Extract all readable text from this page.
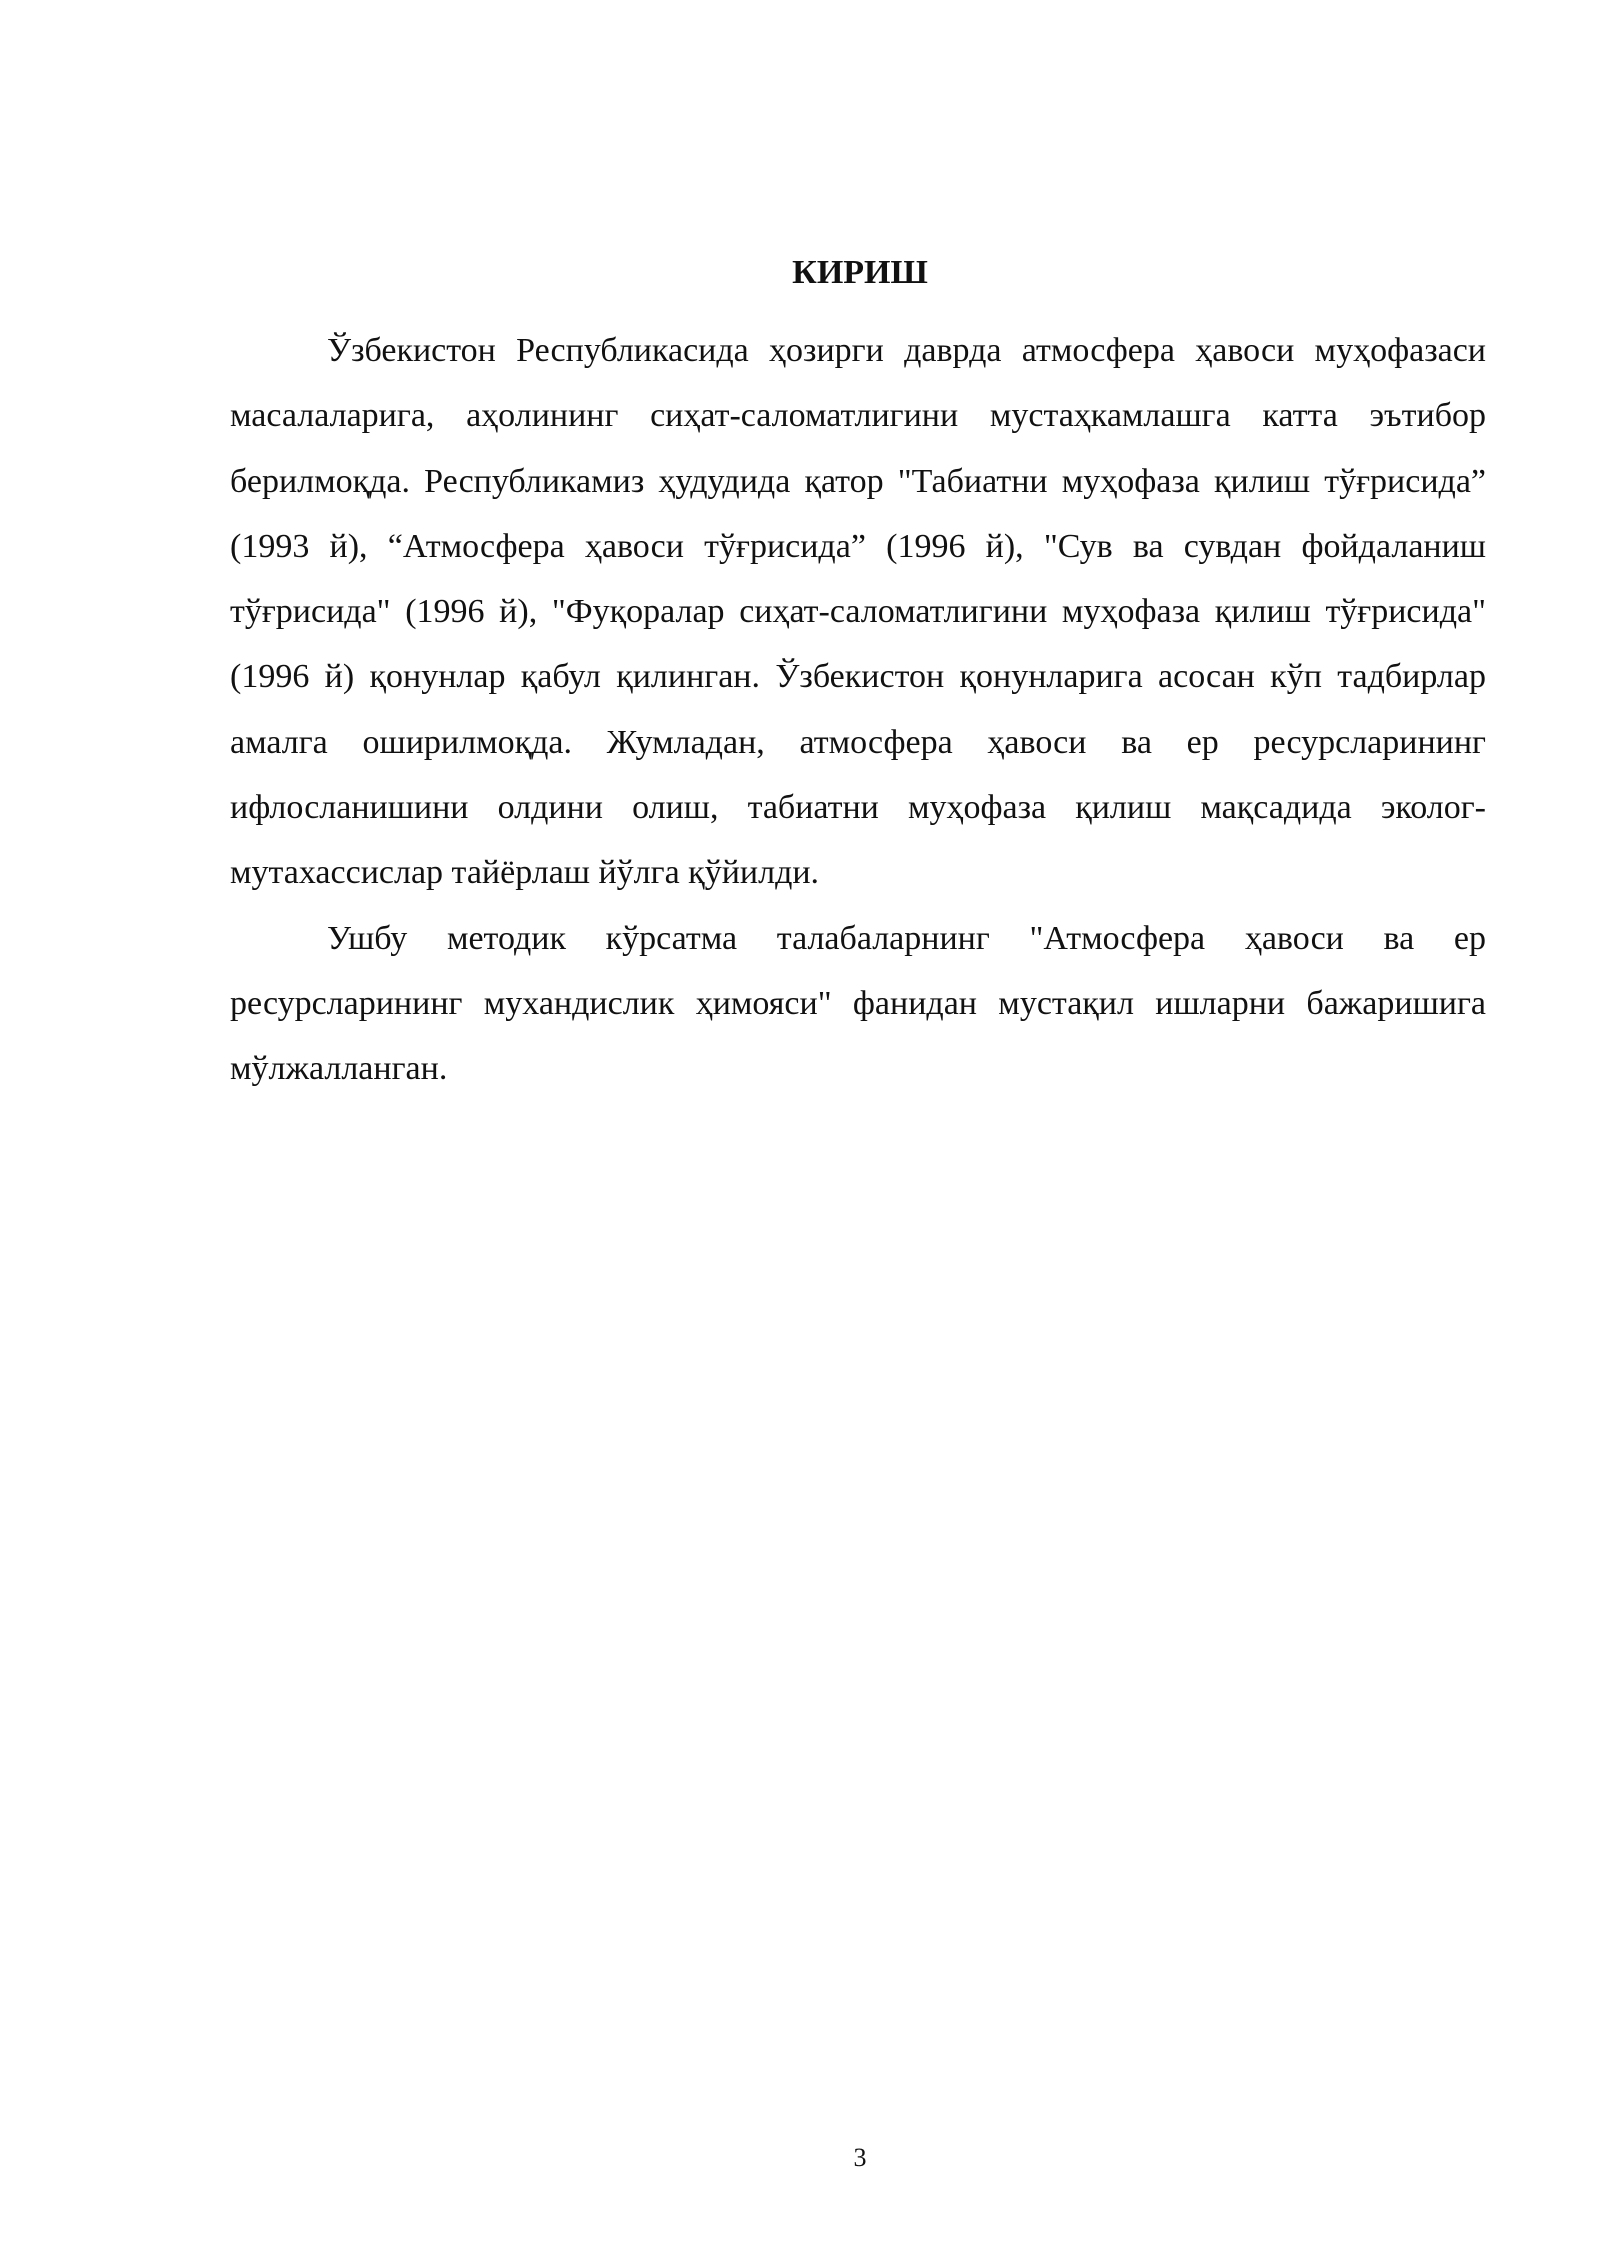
КИРИШ

Ўзбекистон Республикасида ҳозирги даврда атмосфера ҳавоси муҳофазаси масалаларига, аҳолининг сиҳат-саломатлигини мустаҳкамлашга катта эътибор берилмоқда. Республикамиз ҳудудида қатор "Табиатни муҳофаза қилиш тўғрисида” (1993 й), “Атмосфера ҳавоси тўғрисида” (1996 й), "Сув ва сувдан фойдаланиш тўғрисида" (1996 й), "Фуқоралар сиҳат-саломатлигини муҳофаза қилиш тўғрисида" (1996 й) қонунлар қабул қилинган. Ўзбекистон қонунларига асосан кўп тадбирлар амалга оширилмоқда. Жумладан, атмосфера ҳавоси ва ер ресурсларининг ифлосланишини олдини олиш, табиатни муҳофаза қилиш мақсадида эколог-мутахассислар тайёрлаш йўлга қўйилди.

Ушбу методик кўрсатма талабаларнинг "Атмосфера ҳавоси ва ер ресурсларининг мухандислик ҳимояси" фанидан мустақил ишларни бажаришига мўлжалланган.

3
